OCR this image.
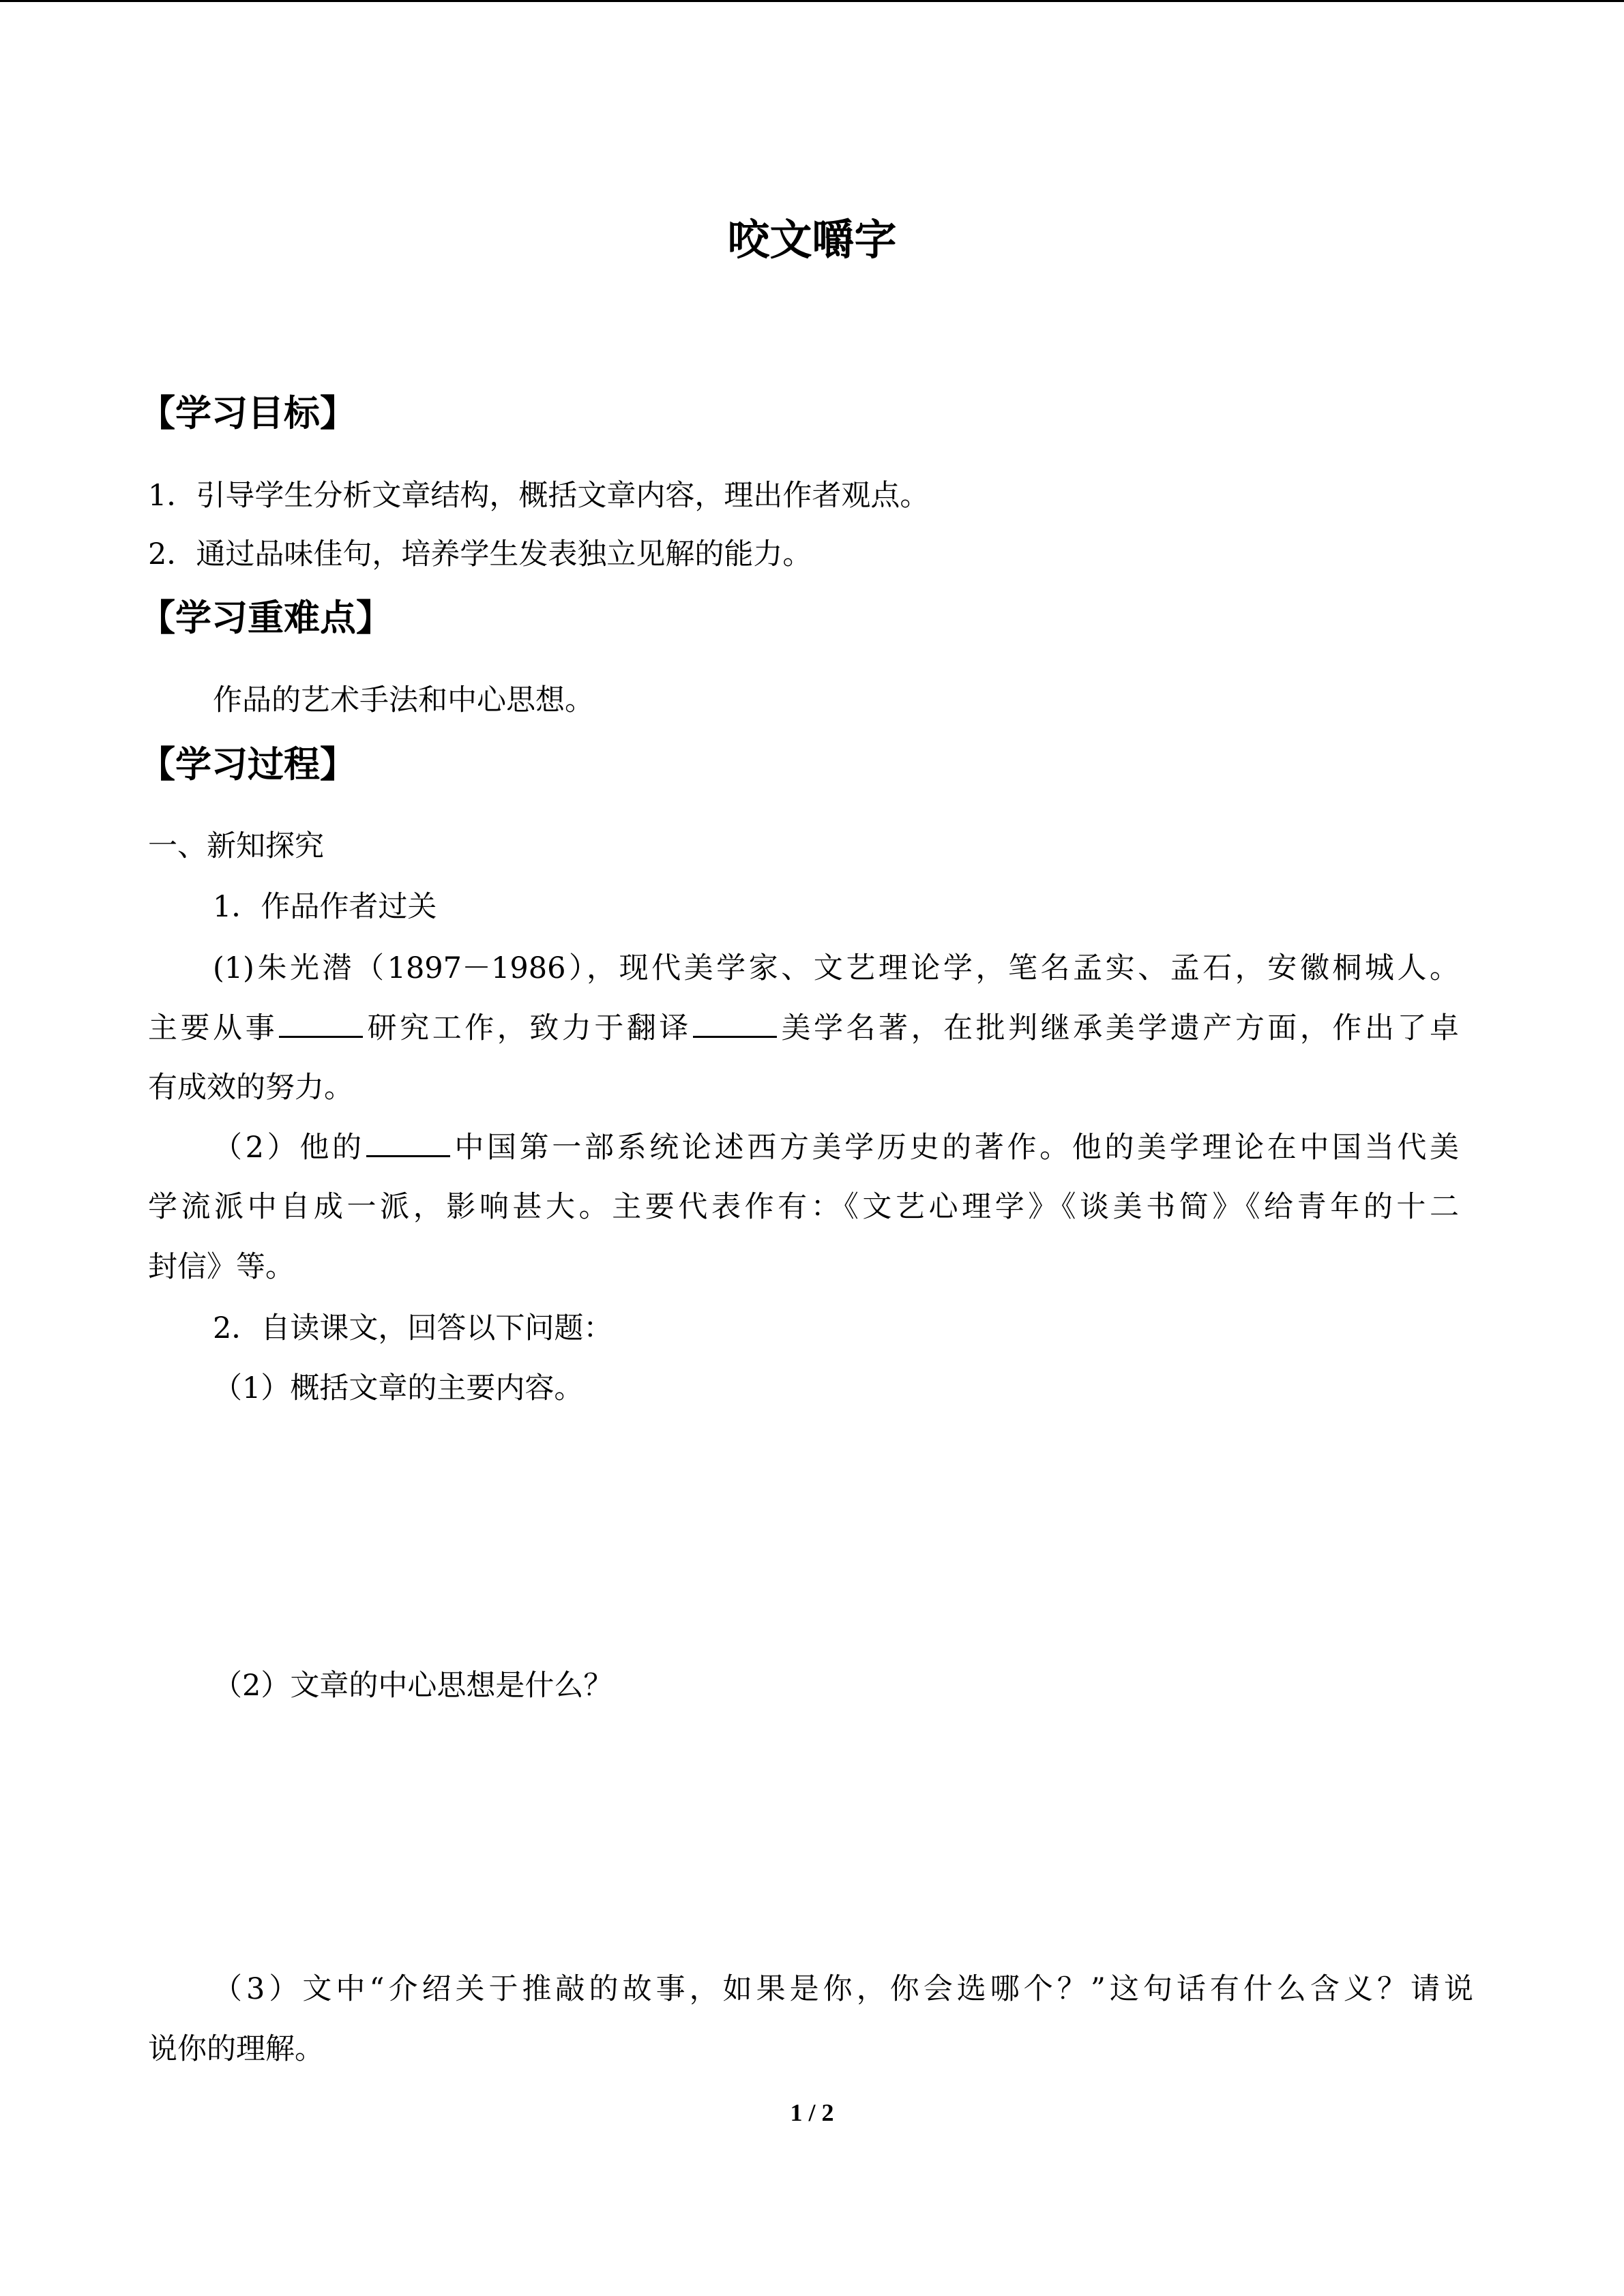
咬文嚼字
【学习目标】
1．引导学生分析文章结构，概括文章内容，理出作者观点。
2．通过品味佳句，培养学生发表独立见解的能力。
【学习重难点】
作品的艺术手法和中心思想。
【学习过程】
一、新知探究
1．作品作者过关
(1)朱光潜（1897－1986），现代美学家、文艺理论学，笔名孟实、孟石，安徽桐城人。
主要从事	研究工作，致力于翻译	美学名著，在批判继承美学遗产方面，作出了卓
有成效的努力。
（2）他的	中国第一部系统论述西方美学历史的著作。他的美学理论在中国当代美
学流派中自成一派，影响甚大。主要代表作有：《文艺心理学》《谈美书简》《给青年的十二
封信》等。
2．自读课文，回答以下问题：
（1）概括文章的主要内容。
（2）文章的中心思想是什么？
（3）文中“介绍关于推敲的故事，如果是你，你会选哪个？”这句话有什么含义？请说
说你的理解。
1 / 2
